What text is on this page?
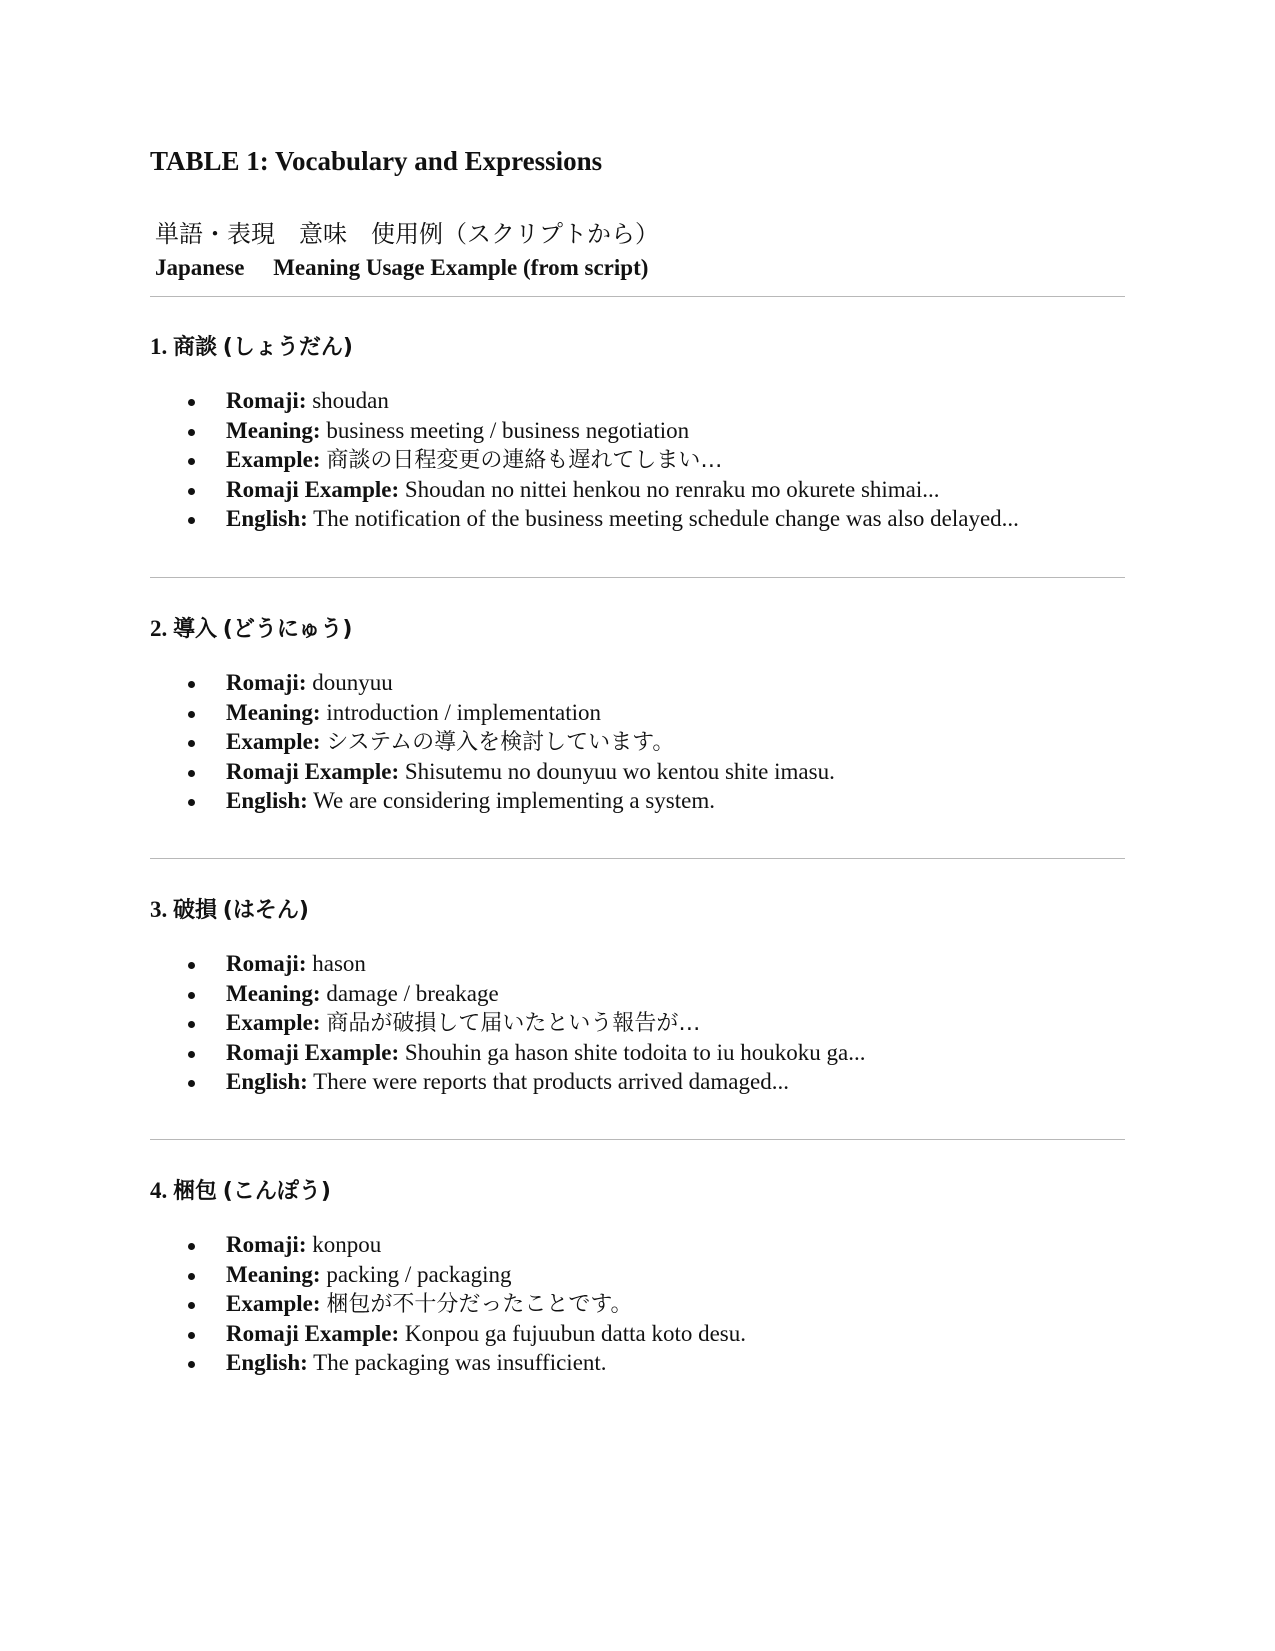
TABLE 1: Vocabulary and Expressions
単語・表現　意味　使用例（スクリプトから）
Japanese     Meaning Usage Example (from script)
1. 商談 (しょうだん)
Romaji: shoudan
Meaning: business meeting / business negotiation
Example: 商談の日程変更の連絡も遅れてしまい…
Romaji Example: Shoudan no nittei henkou no renraku mo okurete shimai...
English: The notification of the business meeting schedule change was also delayed...
2. 導入 (どうにゅう)
Romaji: dounyuu
Meaning: introduction / implementation
Example: システムの導入を検討しています。
Romaji Example: Shisutemu no dounyuu wo kentou shite imasu.
English: We are considering implementing a system.
3. 破損 (はそん)
Romaji: hason
Meaning: damage / breakage
Example: 商品が破損して届いたという報告が…
Romaji Example: Shouhin ga hason shite todoita to iu houkoku ga...
English: There were reports that products arrived damaged...
4. 梱包 (こんぽう)
Romaji: konpou
Meaning: packing / packaging
Example: 梱包が不十分だったことです。
Romaji Example: Konpou ga fujuubun datta koto desu.
English: The packaging was insufficient.
